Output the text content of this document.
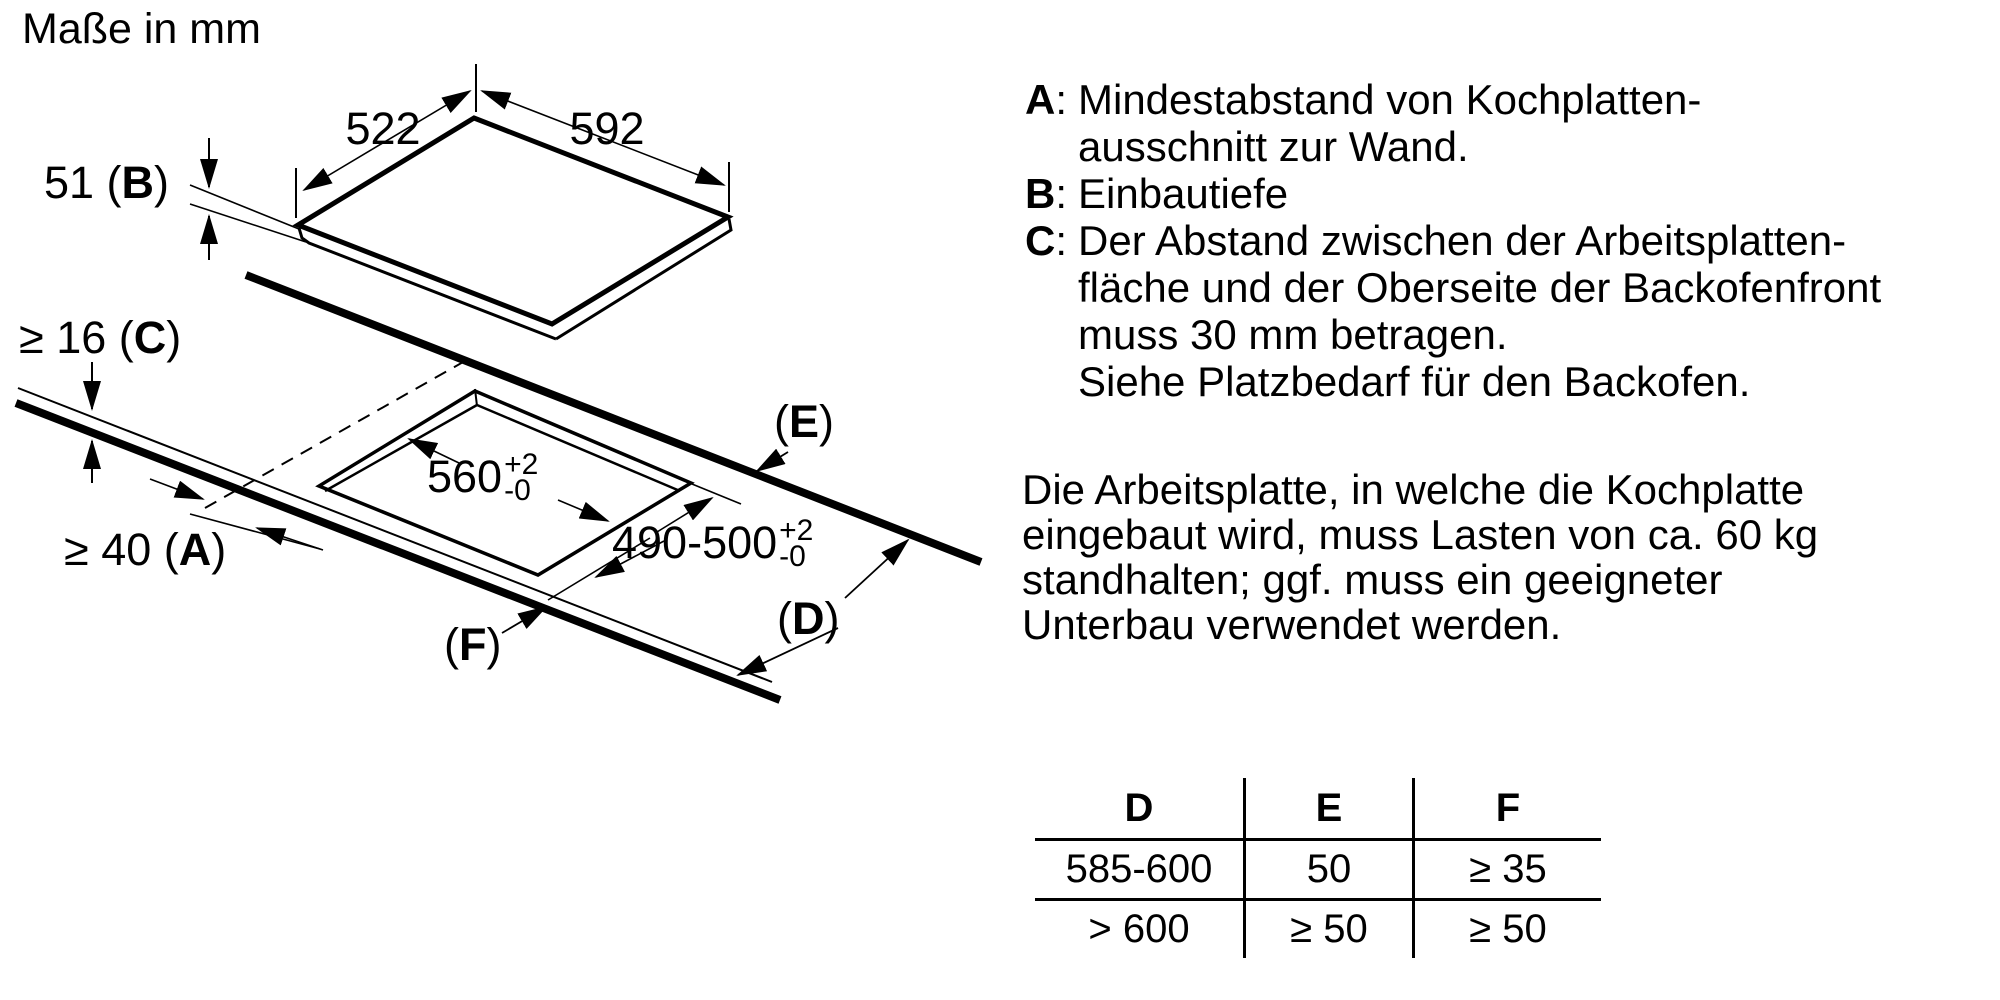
Maße in mm
522	592
51 (B)
≥ 16 (C)
≥ 40 (A)
560 +2
-0
490-500 +2
-0
(E)
(D)
(F)
A: Mindestabstand von Kochplatten-
ausschnitt zur Wand.
B: Einbautiefe
C: Der Abstand zwischen der Arbeitsplatten-
fläche und der Oberseite der Backofenfront
muss 30 mm betragen.
Siehe Platzbedarf für den Backofen.
Die Arbeitsplatte, in welche die Kochplatte
eingebaut wird, muss Lasten von ca. 60 kg
standhalten; ggf. muss ein geeigneter
Unterbau verwendet werden.
D	E	F
585-600	50	≥ 35
> 600	≥ 50	≥ 50
